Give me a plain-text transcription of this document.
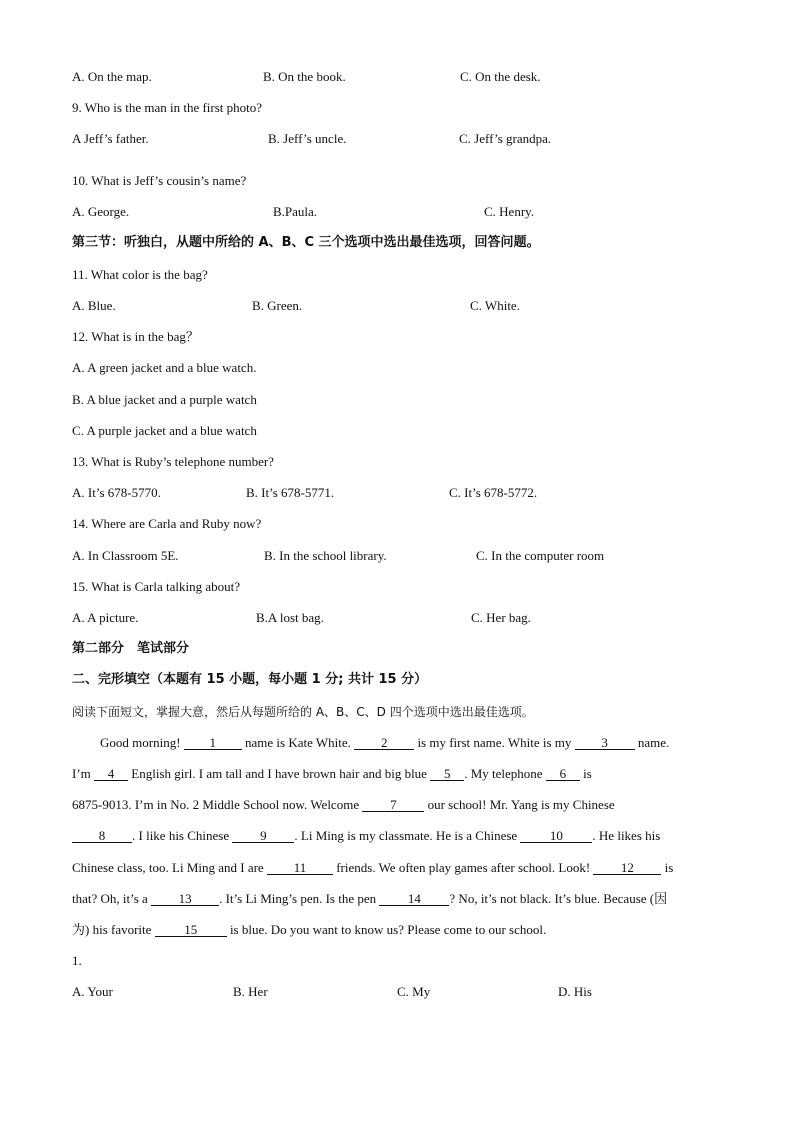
A. On the map.	B. On the book.	C. On the desk.
9. Who is the man in the first photo?
A Jeff’s father.	B. Jeff’s uncle.	C. Jeff’s grandpa.
10. What is Jeff’s cousin’s name?
A. George.	B.Paula.	C. Henry.
第三节：听独白，从题中所给的 A、B、C 三个选项中选出最佳选项，回答问题。
11. What color is the bag?
A. Blue.	B. Green.	C. White.
12. What is in the bag？
A. A green jacket and a blue watch.
B. A blue jacket and a purple watch
C. A purple jacket and a blue watch
13. What is Ruby’s telephone number?
A. It’s 678-5770.	B. It’s 678-5771.	C. It’s 678-5772.
14. Where are Carla and Ruby now?
A. In Classroom 5E.	B. In the school library.	C. In the computer room
15. What is Carla talking about?
A. A picture.	B.A lost bag.	C. Her bag.
第二部分　笔试部分
二、完形填空（本题有 15 小题，每小题 1 分; 共计 15 分）
阅读下面短文，掌握大意，然后从每题所给的 A、B、C、D 四个选项中选出最佳选项。
Good morning! 1 name is Kate White. 2 is my first name. White is my 3 name.
I’m 4 English girl. I am tall and I have brown hair and big blue 5 . My telephone 6 is
6875-9013. I’m in No. 2 Middle School now. Welcome 7 our school! Mr. Yang is my Chinese
8 . I like his Chinese 9 . Li Ming is my classmate. He is a Chinese 10 . He likes his
Chinese class, too. Li Ming and I are 11 friends. We often play games after school. Look! 12 is
that? Oh, it’s a 13 . It’s Li Ming’s pen. Is the pen 14 ? No, it’s not black. It’s blue. Because (因
为) his favorite 15 is blue. Do you want to know us? Please come to our school.
1.
A. Your	B. Her	C. My	D. His
